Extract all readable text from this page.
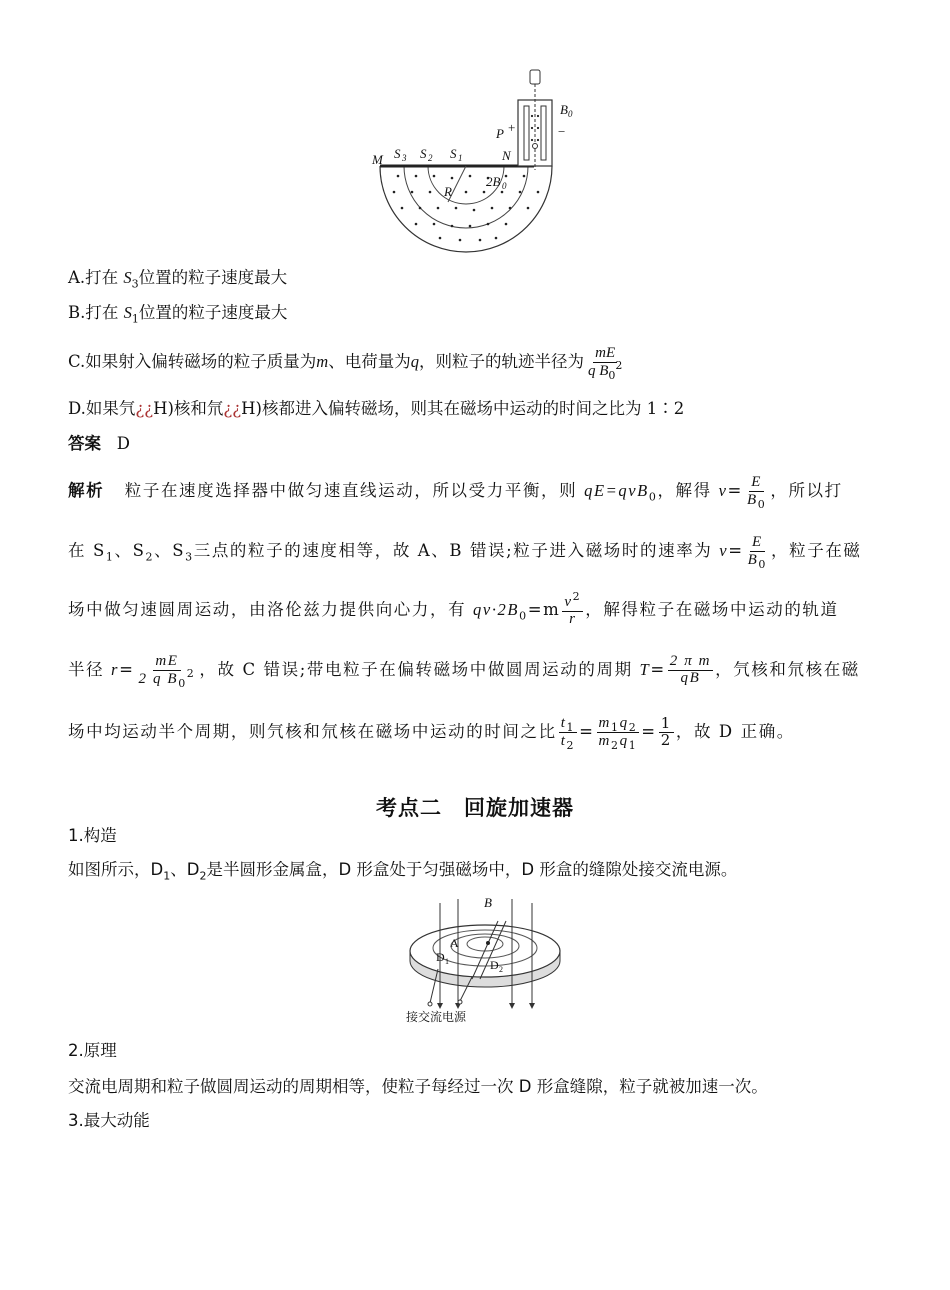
M S 3 S 2 S 1	N
P +	−
B 0
R
2B 0
A.打在 $S_3$位置的粒子速度最大
B.打在 $S_1$位置的粒子速度最大
C.如果射入偏转磁场的粒子质量为m、电荷量为q，则粒子的轨迹半径为 $\frac{mE}{q B_0^2}$
D.如果氕¿¿H)核和氘¿¿H)核都进入偏转磁场，则其在磁场中运动的时间之比为 1∶2
答案 D
解析 粒子在速度选择器中做匀速直线运动，所以受力平衡，则 qE=qvB$_0$，解得 $v= \frac{E}{B_0}$ ，所以打
在 $S_1$、$S_2$、$S_3$三点的粒子的速度相等，故 A、B 错误;粒子进入磁场时的速率为 $v= \frac{E}{B_0}$ ，粒子在磁
场中做匀速圆周运动，由洛伦兹力提供向心力，有 $qv\cdot 2B_0=m \frac{v^2}{r}$ ，解得粒子在磁场中运动的轨道
半径 $r= \frac{mE}{2 q B_0^2}$ ，故 C 错误;带电粒子在偏转磁场中做圆周运动的周期 $T= \frac{\text{2 π m}}{qB}$ ，氕核和氘核在磁
场中均运动半个周期，则氕核和氘核在磁场中运动的时间之比 $\frac{t_1}{t_2} = \frac{m_1q_2}{m_2q_1} = \frac{1}{2}$ ，故 D 正确。
考点二　回旋加速器
1.构造
如图所示，$D_1$、$D_2$是半圆形金属盒，D 形盒处于匀强磁场中，D 形盒的缝隙处接交流电源。
B
A
D 1	D 2
接交流电源
2.原理
交流电周期和粒子做圆周运动的周期相等，使粒子每经过一次 D 形盒缝隙，粒子就被加速一次。
3.最大动能
